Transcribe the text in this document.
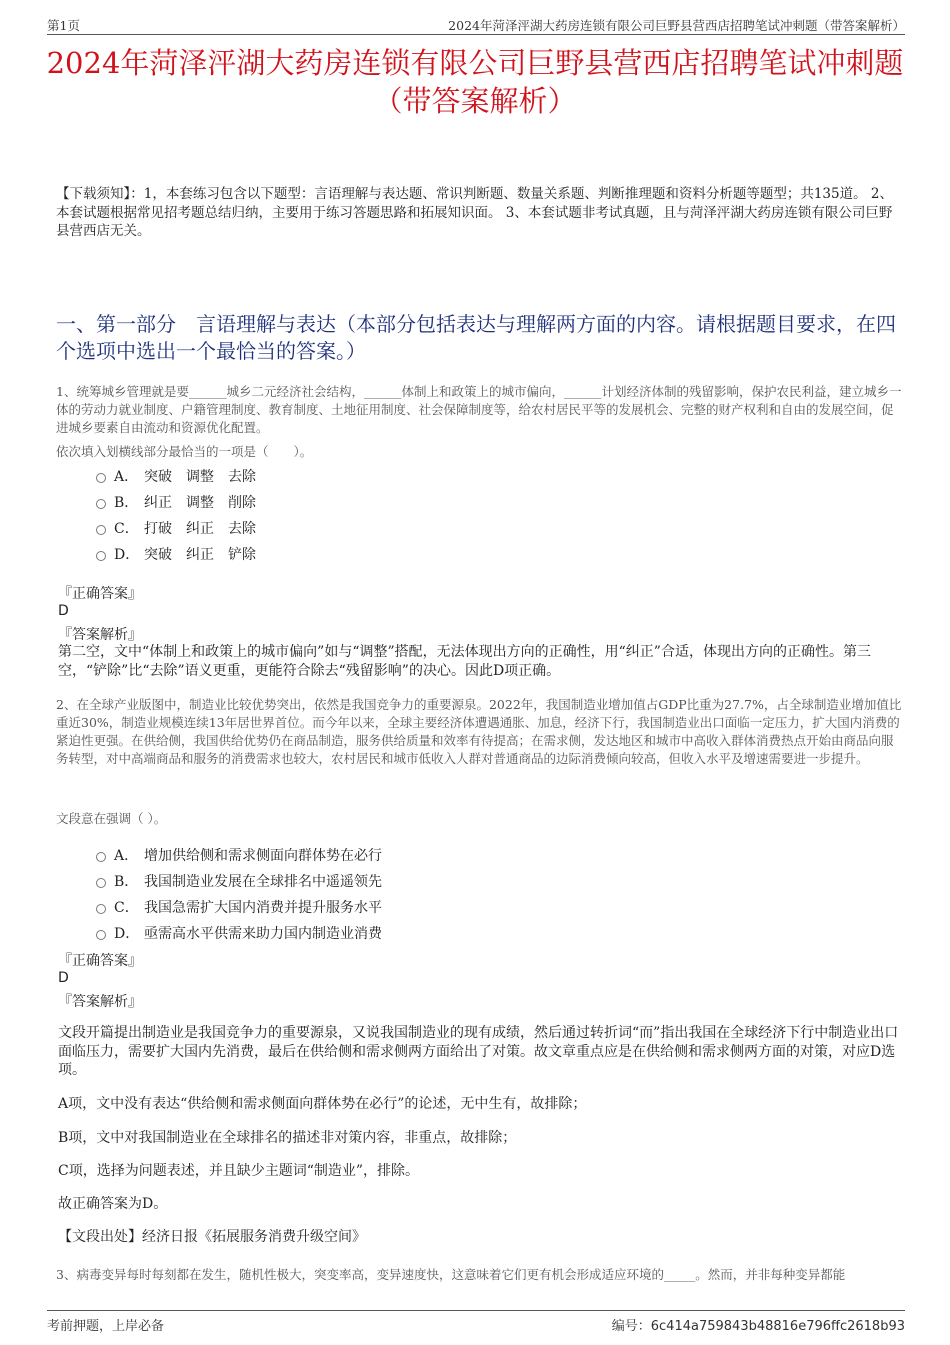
第1页	2024年菏泽泙湖大药房连锁有限公司巨野县营西店招聘笔试冲刺题（带答案解析）
2024年菏泽泙湖大药房连锁有限公司巨野县营西店招聘笔试冲刺题（带答案解析）
【下载须知】：1，本套练习包含以下题型：言语理解与表达题、常识判断题、数量关系题、判断推理题和资料分析题等题型；共135道。 2、本套试题根据常见招考题总结归纳，主要用于练习答题思路和拓展知识面。 3、本套试题非考试真题，且与菏泽泙湖大药房连锁有限公司巨野县营西店无关。
一、第一部分　言语理解与表达（本部分包括表达与理解两方面的内容。请根据题目要求，在四个选项中选出一个最恰当的答案。）
1、统筹城乡管理就是要______城乡二元经济社会结构，______体制上和政策上的城市偏向，______计划经济体制的残留影响，保护农民利益，建立城乡一体的劳动力就业制度、户籍管理制度、教育制度、土地征用制度、社会保障制度等，给农村居民平等的发展机会、完整的财产权利和自由的发展空间，促进城乡要素自由流动和资源优化配置。
依次填入划横线部分最恰当的一项是（　　）。
A． 突破　调整　去除
B． 纠正　调整　削除
C． 打破　纠正　去除
D． 突破　纠正　铲除
『正确答案』
D
『答案解析』
第二空，文中“体制上和政策上的城市偏向”如与“调整”搭配，无法体现出方向的正确性，用“纠正”合适，体现出方向的正确性。第三空，“铲除”比“去除”语义更重，更能符合除去“残留影响”的决心。因此D项正确。
2、在全球产业版图中，制造业比较优势突出，依然是我国竞争力的重要源泉。2022年，我国制造业增加值占GDP比重为27.7%，占全球制造业增加值比重近30%，制造业规模连续13年居世界首位。而今年以来，全球主要经济体遭遇通胀、加息，经济下行，我国制造业出口面临一定压力，扩大国内消费的紧迫性更强。在供给侧，我国供给优势仍在商品制造，服务供给质量和效率有待提高；在需求侧，发达地区和城市中高收入群体消费热点开始由商品向服务转型，对中高端商品和服务的消费需求也较大，农村居民和城市低收入人群对普通商品的边际消费倾向较高，但收入水平及增速需要进一步提升。
文段意在强调（ ）。
A． 增加供给侧和需求侧面向群体势在必行
B． 我国制造业发展在全球排名中遥遥领先
C． 我国急需扩大国内消费并提升服务水平
D． 亟需高水平供需来助力国内制造业消费
『正确答案』
D
『答案解析』
文段开篇提出制造业是我国竞争力的重要源泉，又说我国制造业的现有成绩，然后通过转折词“而”指出我国在全球经济下行中制造业出口面临压力，需要扩大国内先消费，最后在供给侧和需求侧两方面给出了对策。故文章重点应是在供给侧和需求侧两方面的对策，对应D选项。
A项，文中没有表达“供给侧和需求侧面向群体势在必行”的论述，无中生有，故排除；
B项，文中对我国制造业在全球排名的描述非对策内容，非重点，故排除；
C项，选择为问题表述，并且缺少主题词“制造业”，排除。
故正确答案为D。
【文段出处】经济日报《拓展服务消费升级空间》
3、病毒变异每时每刻都在发生，随机性极大，突变率高，变异速度快，这意味着它们更有机会形成适应环境的_____。然而，并非每种变异都能
考前押题，上岸必备	编号：6c414a759843b48816e796ffc2618b93
